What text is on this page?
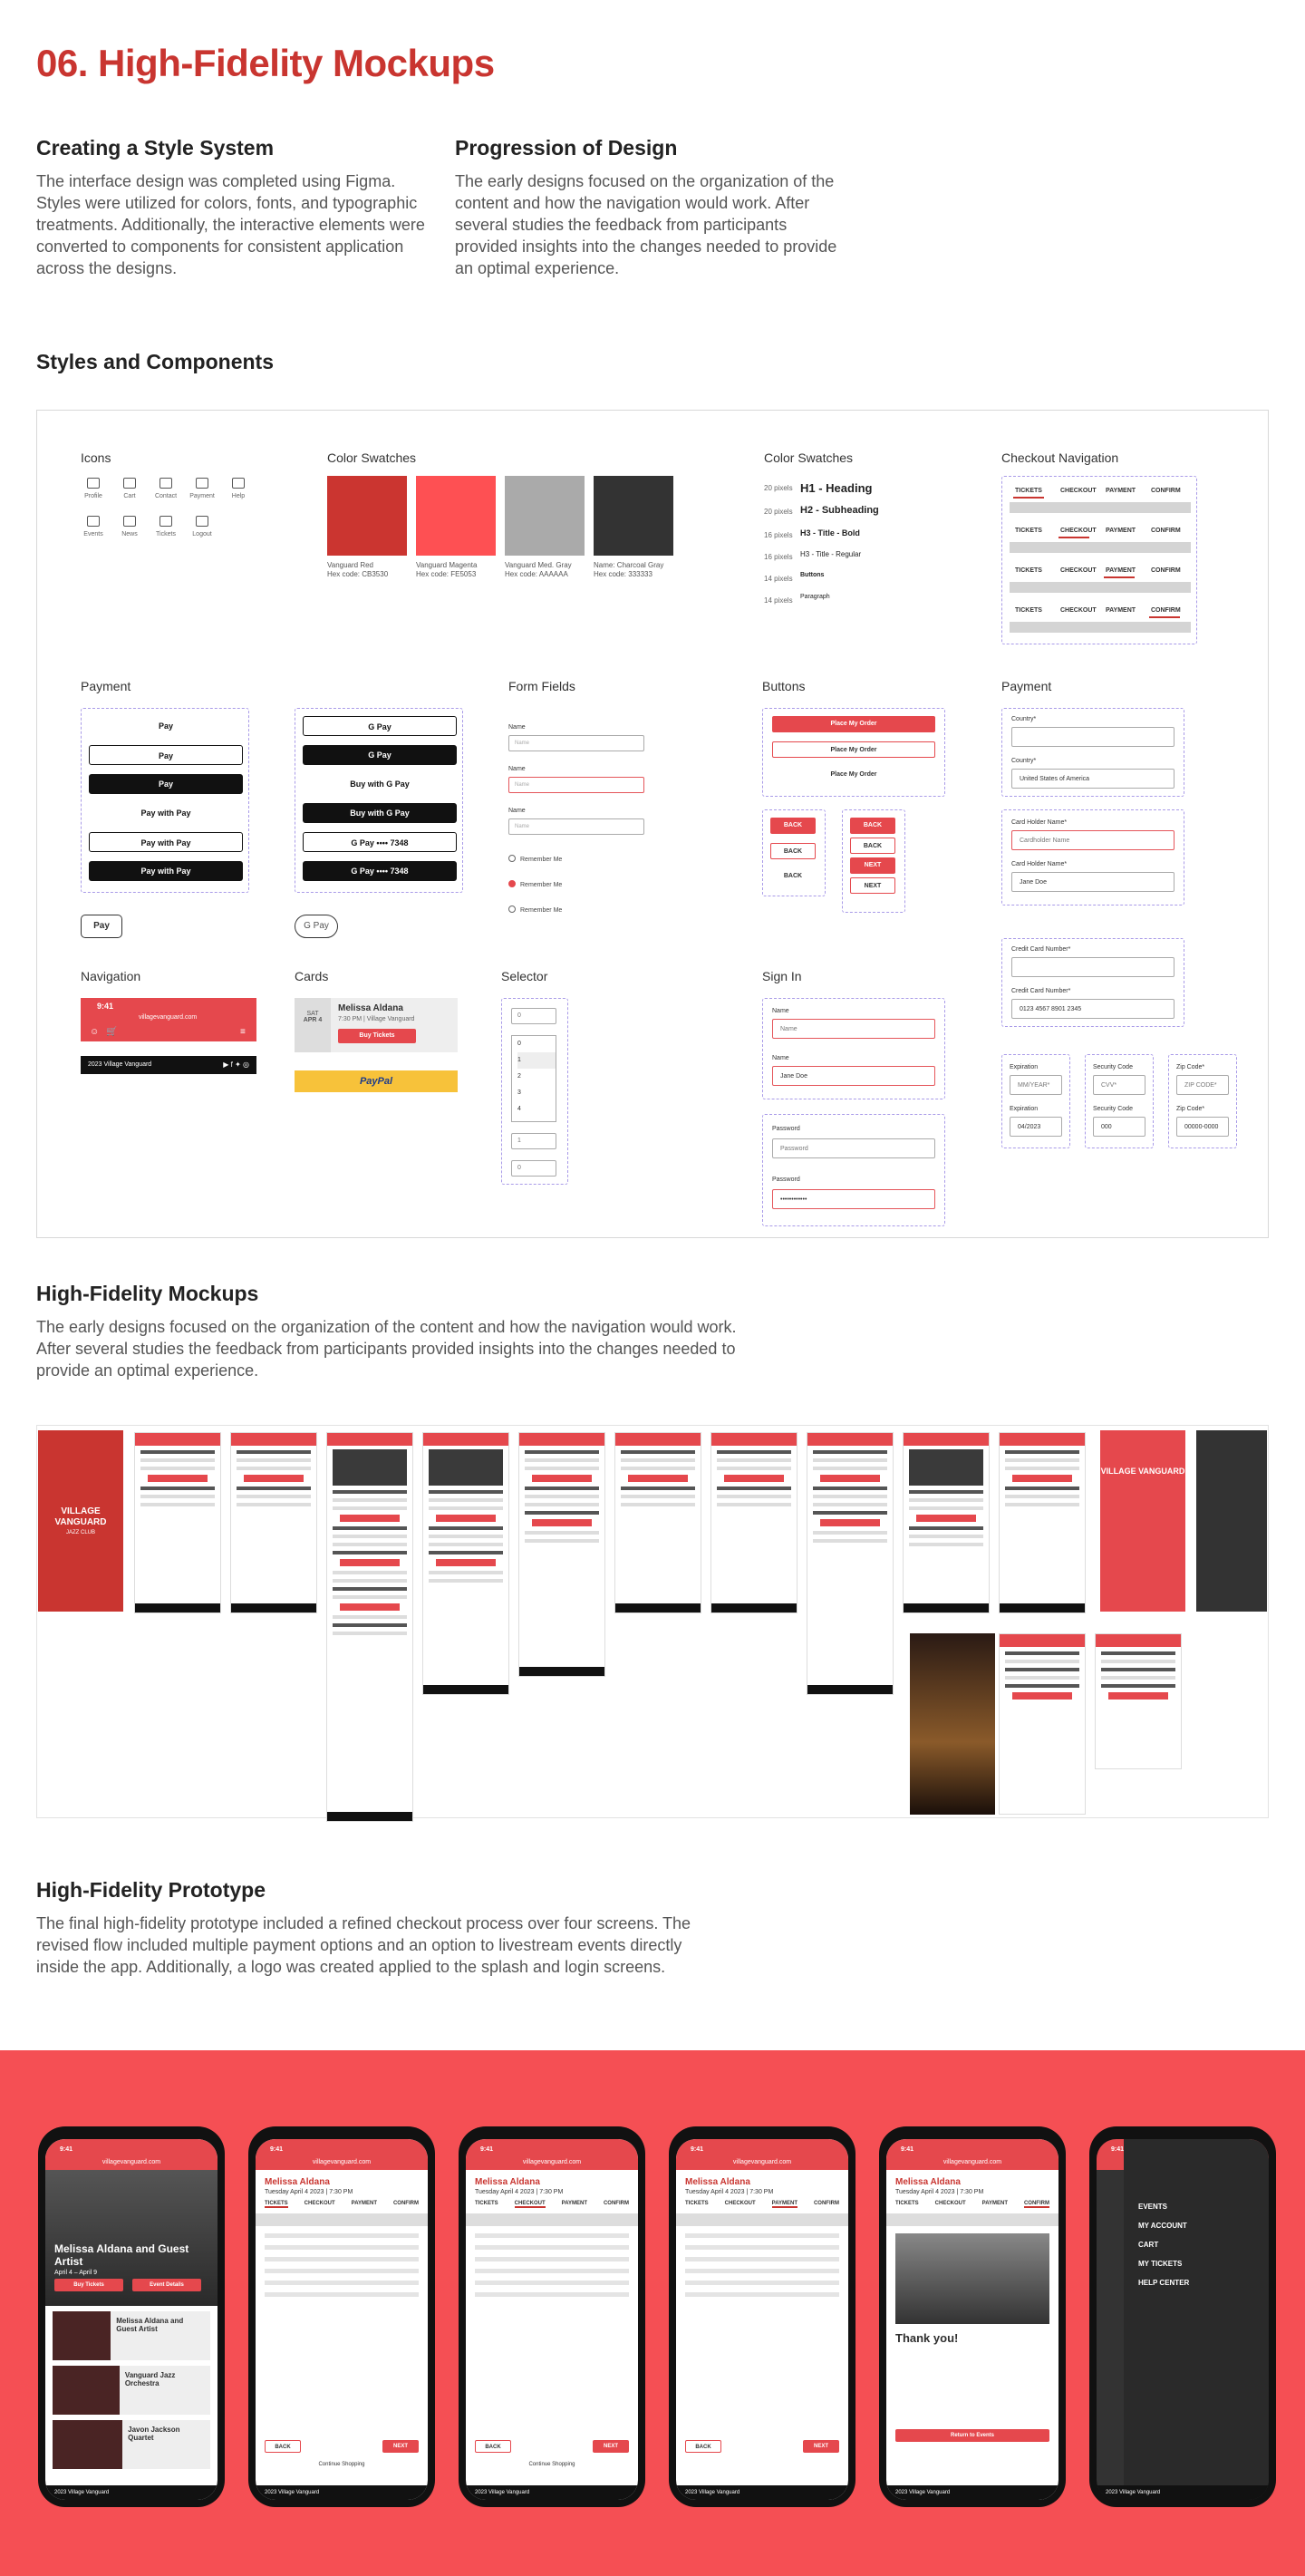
06. High-Fidelity Mockups
Creating a Style System
The interface design was completed using Figma. Styles were utilized for colors, fonts, and typographic treatments. Additionally, the interactive elements were converted to components for consistent application across the designs.
Progression of Design
The early designs focused on the organization of the content and how the navigation would work. After several studies the feedback from participants provided insights into the changes needed to provide an optimal experience.
Styles and Components
Icons	Color Swatches	Color Swatches	Checkout Navigation
TICKETS	CHECKOUT PAYMENT CONFIRM
TICKETS	CHECKOUT PAYMENT CONFIRM
TICKETS	CHECKOUT PAYMENT CONFIRM
TICKETS	CHECKOUT PAYMENT CONFIRM
Payment
Pay
Pay
Pay
Pay with Pay
Pay with Pay
Pay with Pay
G Pay
G Pay
Buy with G Pay
Buy with G Pay
G Pay •••• 7348
G Pay •••• 7348
Pay	G Pay
Form Fields	Buttons
Place My Order
Place My Order
Place My Order
BACK
BACK
BACK
BACK
BACK
NEXT
NEXT
Payment
Country*
Country*
United States of America
Card Holder Name*
Cardholder Name
Card Holder Name*
Jane Doe
Credit Card Number*
Credit Card Number*
0123 4567 8901 2345
Expiration
MM/YEAR*
Expiration
04/2023
Security Code
CVV*
Security Code
000
Zip Code*
ZIP CODE*
Zip Code*
00000-0000
Navigation
9:41
villagevanguard.com
☺ 🛒	≡
2023 Village Vanguard	▶ f ✦ ◎
Cards
SAT
APR 4
Melissa Aldana
7:30 PM | Village Vanguard
Buy Tickets
PayPal
Selector
0
0
1
2
3
4
1
0
Sign In
Name
Name
Name
Jane Doe
Password
Password
Password
••••••••••••
Profile	Cart	Contact Payment	Help
Events	News	Tickets	Logout
Vanguard Red
Hex code: CB3530
Vanguard Magenta
Hex code: FE5053
Vanguard Med. Gray
Hex code: AAAAAA
Name: Charcoal Gray
Hex code: 333333
20 pixels H1 - Heading
20 pixels H2 - Subheading
16 pixels H3 - Title - Bold
16 pixels H3 - Title - Regular
14 pixels Buttons
14 pixels Paragraph
Name
Name
Name
Name
Name
Name
Remember Me
Remember Me
Remember Me
High-Fidelity Mockups
The early designs focused on the organization of the content and how the navigation would work. After several studies the feedback from participants provided insights into the changes needed to provide an optimal experience.
VILLAGE VANGUARD
JAZZ CLUB
VILLAGE VANGUARD
High-Fidelity Prototype
The final high-fidelity prototype included a refined checkout process over four screens. The revised flow included multiple payment options and an option to livestream events directly inside the app. Additionally, a logo was created applied to the splash and login screens.
villagevanguard.com
9:41
Melissa Aldana and Guest Artist
April 4 – April 9
Buy Tickets	Event Details
Melissa Aldana and Guest Artist
Vanguard Jazz Orchestra
Javon Jackson Quartet
2023 Village Vanguard
villagevanguard.com
9:41
Melissa Aldana
Tuesday April 4 2023 | 7:30 PM
TICKETS	CHECKOUT	PAYMENT	CONFIRM
BACK	NEXT
Continue Shopping
2023 Village Vanguard
villagevanguard.com
9:41
Melissa Aldana
Tuesday April 4 2023 | 7:30 PM
TICKETS	CHECKOUT	PAYMENT	CONFIRM
BACK	NEXT
Continue Shopping
2023 Village Vanguard
villagevanguard.com
9:41
Melissa Aldana
Tuesday April 4 2023 | 7:30 PM
TICKETS	CHECKOUT	PAYMENT	CONFIRM
BACK	NEXT
2023 Village Vanguard
villagevanguard.com
9:41
Melissa Aldana
Tuesday April 4 2023 | 7:30 PM
TICKETS	CHECKOUT	PAYMENT	CONFIRM
Thank you!
Return to Events
2023 Village Vanguard
9:41
EVENTS
MY ACCOUNT
CART
MY TICKETS
HELP CENTER
2023 Village Vanguard
